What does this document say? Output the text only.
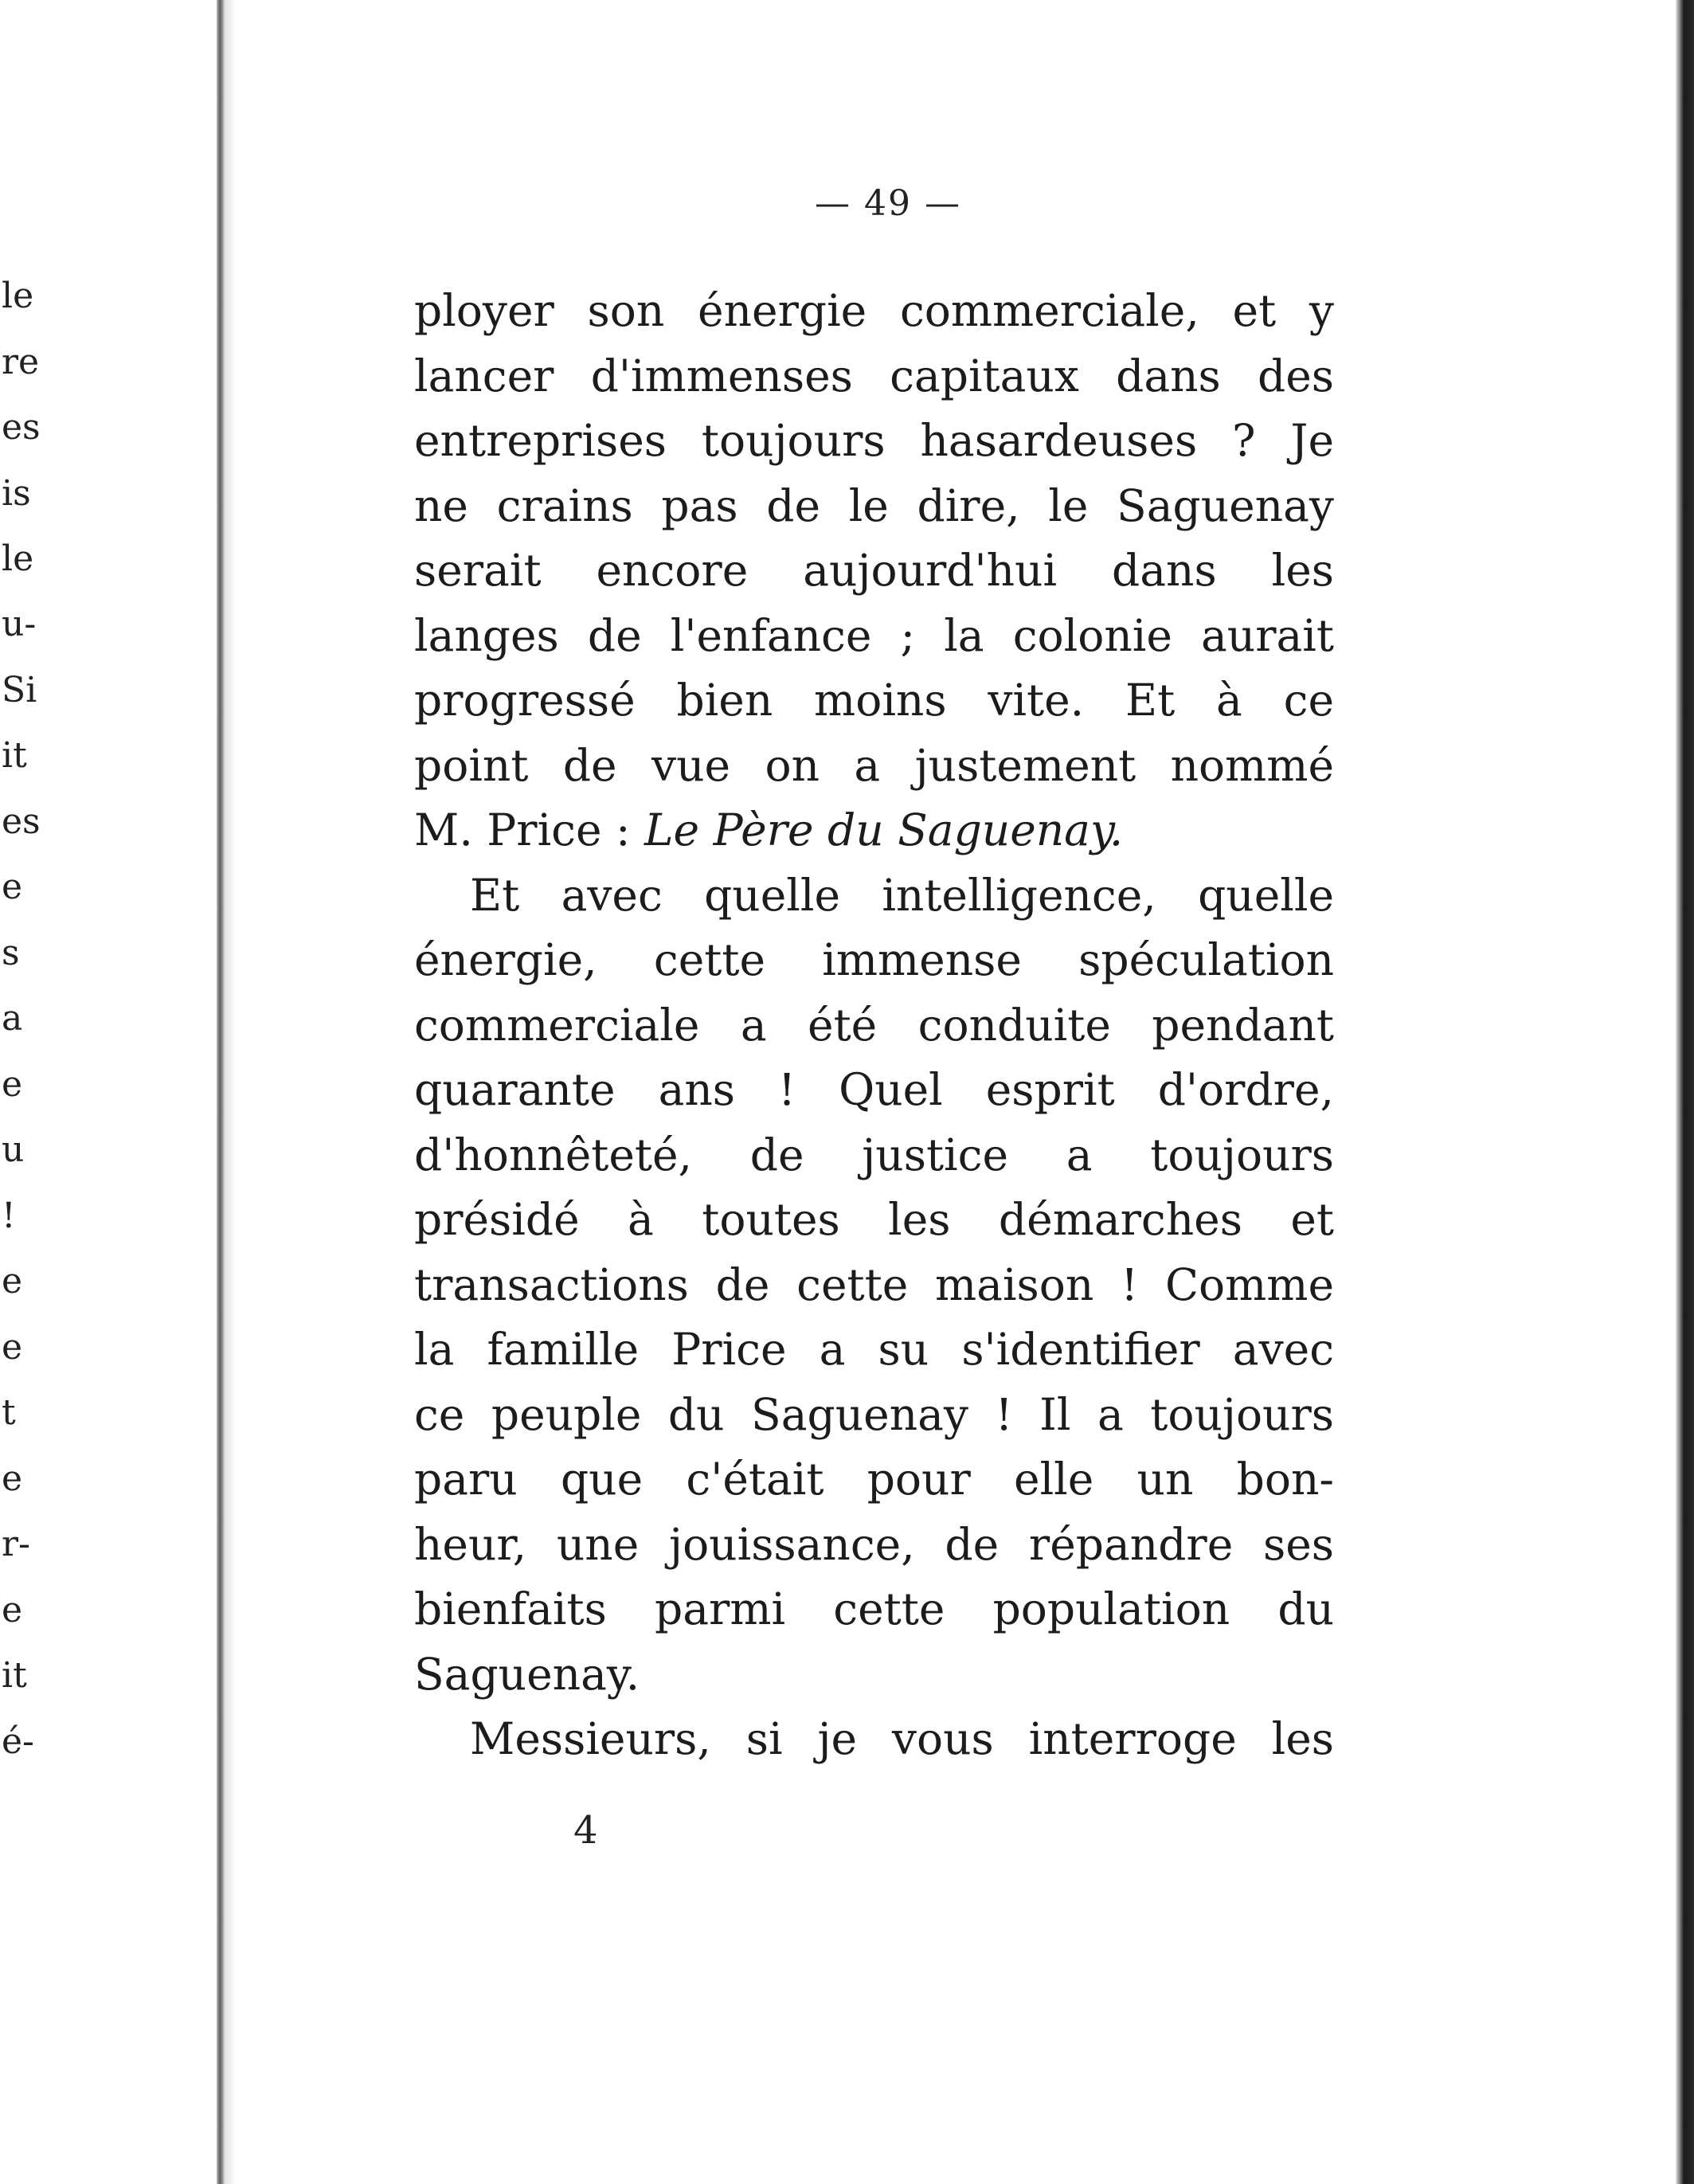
le
re
es
is
le
u-
Si
it
es
e
s
a
e
u
!
e
e
t
e
r-
e
it
é-
— 49 —

ployer son énergie commerciale, et y
lancer d'immenses capitaux dans des
entreprises toujours hasardeuses ? Je
ne crains pas de le dire, le Saguenay
serait encore aujourd'hui dans les
langes de l'enfance ; la colonie aurait
progressé bien moins vite. Et à ce
point de vue on a justement nommé
M. Price : Le Père du Saguenay.

Et avec quelle intelligence, quelle
énergie, cette immense spéculation
commerciale a été conduite pendant
quarante ans ! Quel esprit d'ordre,
d'honnêteté, de justice a toujours
présidé à toutes les démarches et
transactions de cette maison ! Comme
la famille Price a su s'identifier avec
ce peuple du Saguenay ! Il a toujours
paru que c'était pour elle un bon-
heur, une jouissance, de répandre ses
bienfaits parmi cette population du
Saguenay.

Messieurs, si je vous interroge les

4
